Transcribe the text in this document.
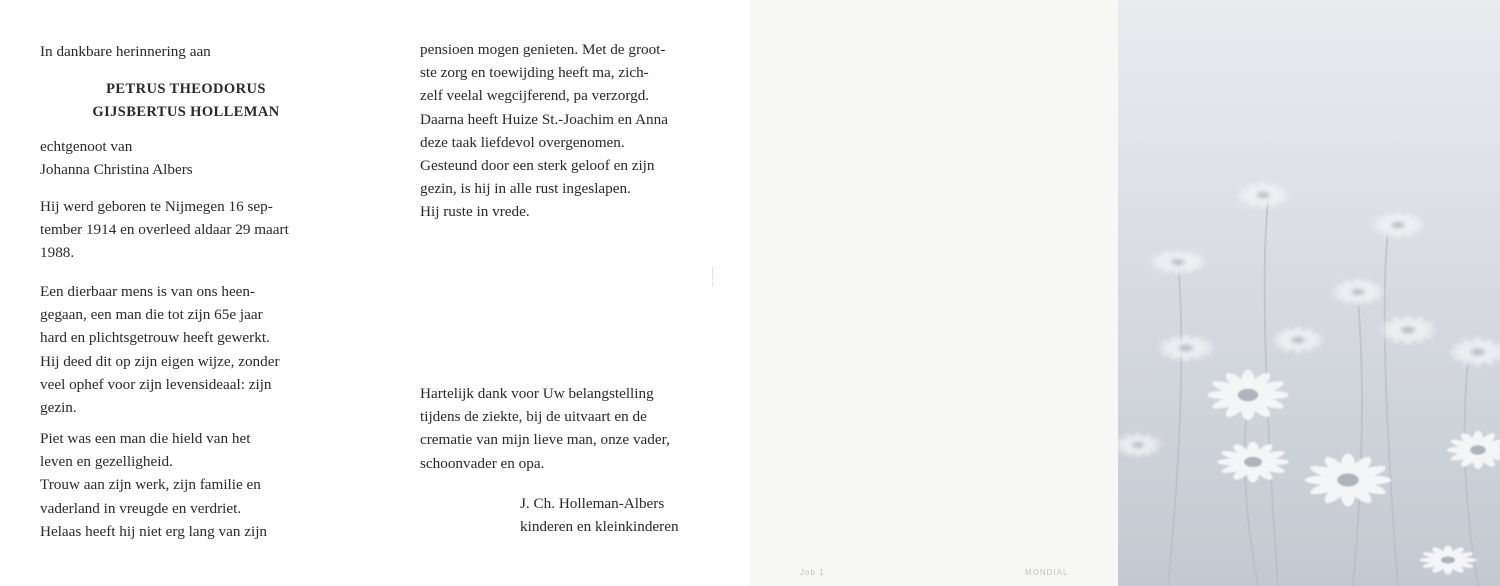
In dankbare herinnering aan
PETRUS THEODORUS
GIJSBERTUS HOLLEMAN
echtgenoot van
Johanna Christina Albers
Hij werd geboren te Nijmegen 16 sep-
tember 1914 en overleed aldaar 29 maart
1988.
Een dierbaar mens is van ons heen-
gegaan, een man die tot zijn 65e jaar
hard en plichtsgetrouw heeft gewerkt.
Hij deed dit op zijn eigen wijze, zonder
veel ophef voor zijn levensideaal: zijn
gezin.
Piet was een man die hield van het
leven en gezelligheid.
Trouw aan zijn werk, zijn familie en
vaderland in vreugde en verdriet.
Helaas heeft hij niet erg lang van zijn
pensioen mogen genieten. Met de groot-
ste zorg en toewijding heeft ma, zich-
zelf veelal wegcijferend, pa verzorgd.
Daarna heeft Huize St.-Joachim en Anna
deze taak liefdevol overgenomen.
Gesteund door een sterk geloof en zijn
gezin, is hij in alle rust ingeslapen.
Hij ruste in vrede.
Hartelijk dank voor Uw belangstelling
tijdens de ziekte, bij de uitvaart en de
crematie van mijn lieve man, onze vader,
schoonvader en opa.
J. Ch. Holleman-Albers
kinderen en kleinkinderen
Job 1	MONDIAL
